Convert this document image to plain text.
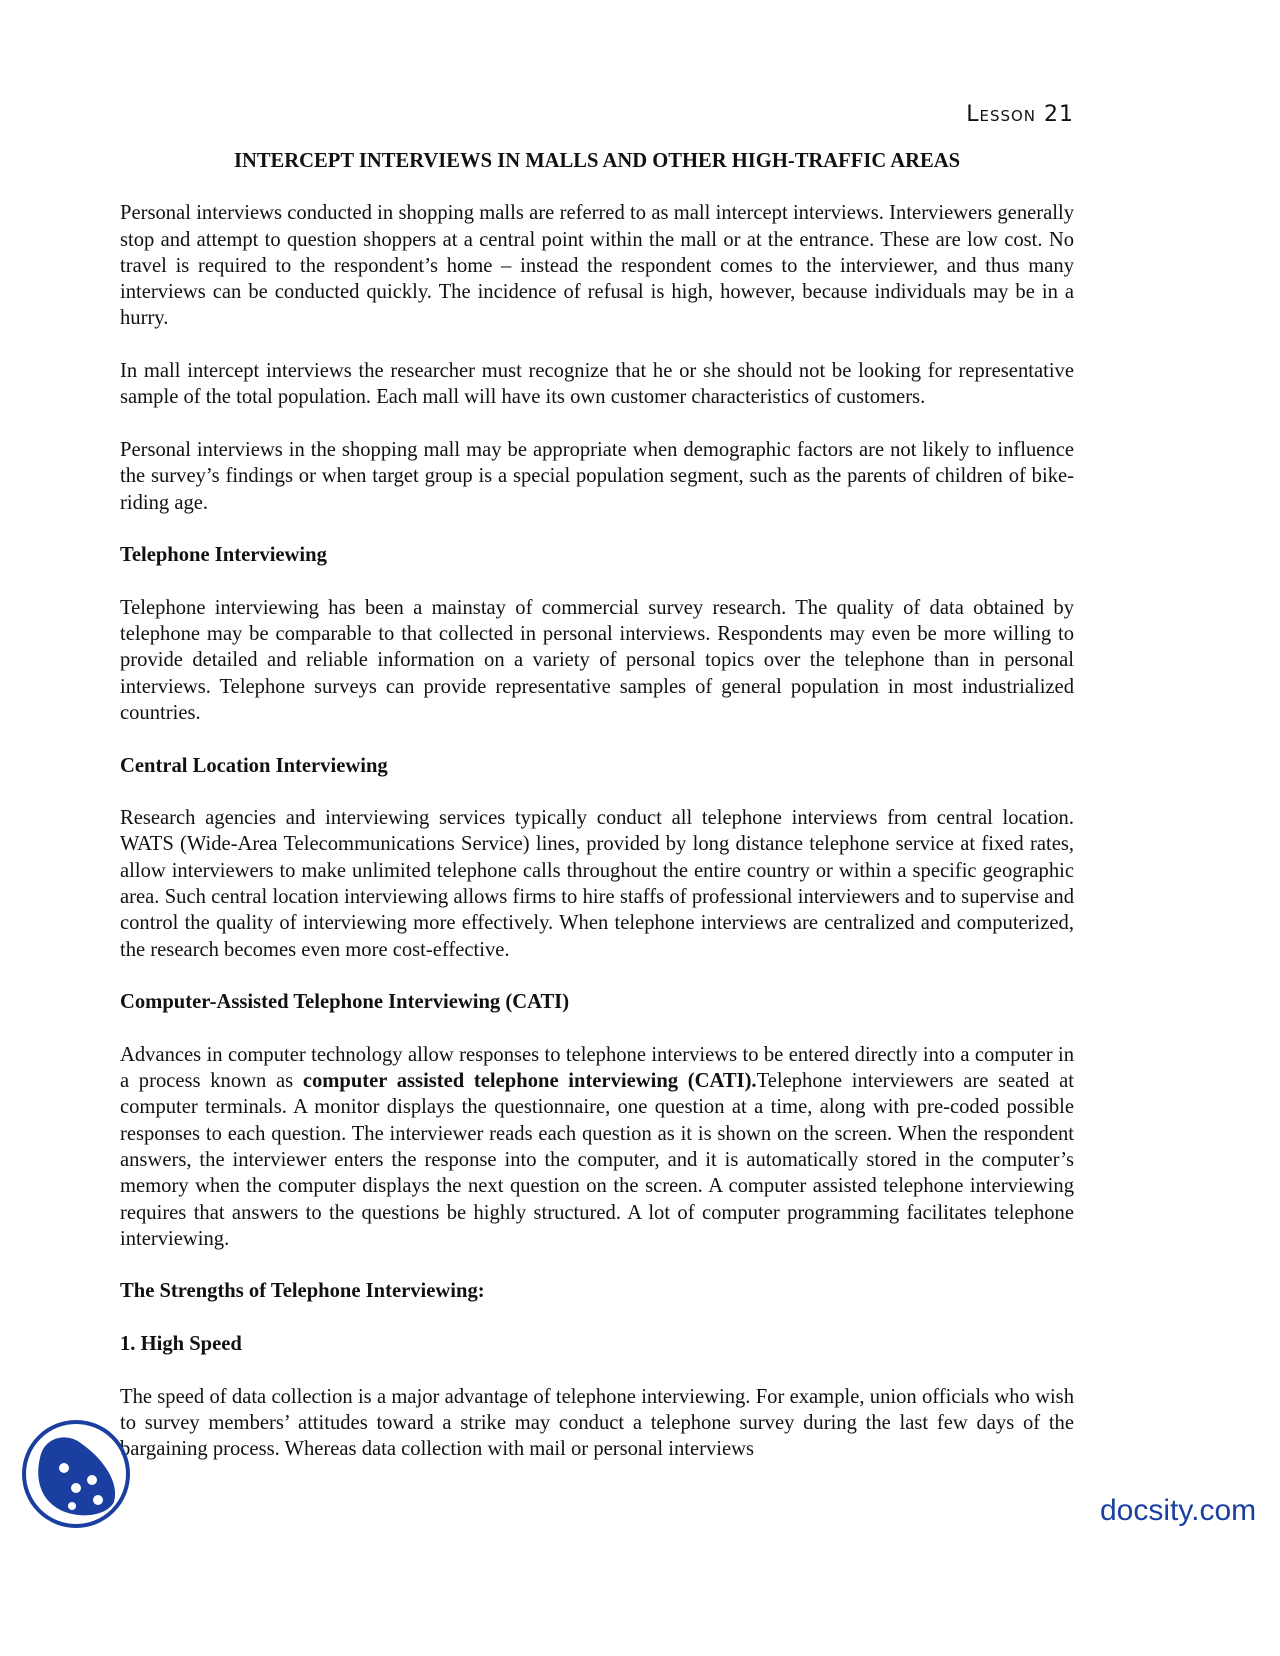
Lesson 21
INTERCEPT INTERVIEWS IN MALLS AND OTHER HIGH-TRAFFIC AREAS

Personal interviews conducted in shopping malls are referred to as mall intercept interviews. Interviewers generally stop and attempt to question shoppers at a central point within the mall or at the entrance. These are low cost. No travel is required to the respondent’s home – instead the respondent comes to the interviewer, and thus many interviews can be conducted quickly. The incidence of refusal is high, however, because individuals may be in a hurry.

In mall intercept interviews the researcher must recognize that he or she should not be looking for representative sample of the total population. Each mall will have its own customer characteristics of customers.

Personal interviews in the shopping mall may be appropriate when demographic factors are not likely to influence the survey’s findings or when target group is a special population segment, such as the parents of children of bike-riding age.

Telephone Interviewing

Telephone interviewing has been a mainstay of commercial survey research. The quality of data obtained by telephone may be comparable to that collected in personal interviews. Respondents may even be more willing to provide detailed and reliable information on a variety of personal topics over the telephone than in personal interviews. Telephone surveys can provide representative samples of general population in most industrialized countries.

Central Location Interviewing

Research agencies and interviewing services typically conduct all telephone interviews from central location. WATS (Wide-Area Telecommunications Service) lines, provided by long distance telephone service at fixed rates, allow interviewers to make unlimited telephone calls throughout the entire country or within a specific geographic area. Such central location interviewing allows firms to hire staffs of professional interviewers and to supervise and control the quality of interviewing more effectively. When telephone interviews are centralized and computerized, the research becomes even more cost-effective.

Computer-Assisted Telephone Interviewing (CATI)

Advances in computer technology allow responses to telephone interviews to be entered directly into a computer in a process known as computer assisted telephone interviewing (CATI).Telephone interviewers are seated at computer terminals. A monitor displays the questionnaire, one question at a time, along with pre-coded possible responses to each question. The interviewer reads each question as it is shown on the screen. When the respondent answers, the interviewer enters the response into the computer, and it is automatically stored in the computer’s memory when the computer displays the next question on the screen. A computer assisted telephone interviewing requires that answers to the questions be highly structured. A lot of computer programming facilitates telephone interviewing.

The Strengths of Telephone Interviewing:
1. High Speed

The speed of data collection is a major advantage of telephone interviewing. For example, union officials who wish to survey members’ attitudes toward a strike may conduct a telephone survey during the last few days of the bargaining process. Whereas data collection with mail or personal interviews

docsity.com
